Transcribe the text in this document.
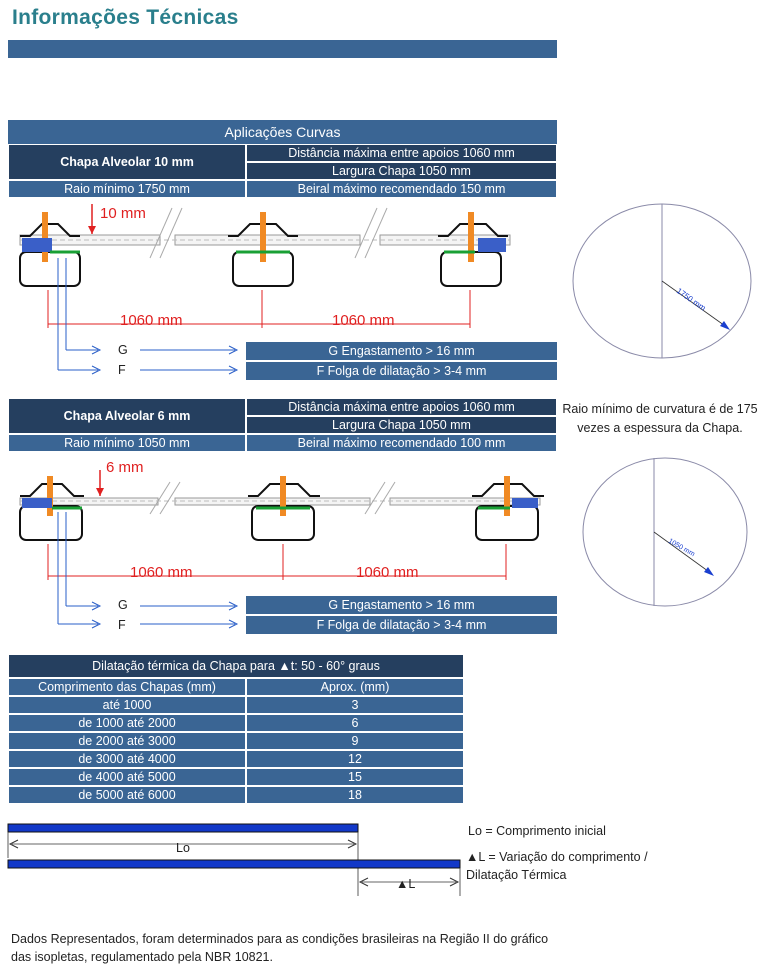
Informações Técnicas
Aplicações Curvas
Chapa Alveolar 10 mm
Distância máxima entre apoios 1060 mm
Largura Chapa 1050 mm
Raio mínimo 1750 mm	Beiral máximo recomendado 150 mm
10 mm
1060 mm	1060 mm
G
F
G Engastamento > 16 mm
F Folga de dilatação > 3-4 mm
1750 mm
Chapa Alveolar 6 mm
Distância máxima entre apoios 1060 mm
Largura Chapa 1050 mm
Raio mínimo 1050 mm	Beiral máximo recomendado 100 mm
Raio mínimo de curvatura é de 175 vezes a espessura da Chapa.
6 mm
1060 mm	1060 mm
G
F
G Engastamento > 16 mm
F Folga de dilatação > 3-4 mm
1050 mm
Dilatação térmica da Chapa para ▲t: 50 - 60° graus
Comprimento das Chapas (mm)	Aprox. (mm)
até 1000	3
de 1000 até 2000	6
de 2000 até 3000	9
de 3000 até 4000	12
de 4000 até 5000	15
de 5000 até 6000	18
Lo
▲L
Lo = Comprimento inicial
▲L = Variação do comprimento / Dilatação Térmica
Dados Representados, foram determinados para as condições brasileiras na Região II do gráfico das isopletas, regulamentado pela NBR 10821.
